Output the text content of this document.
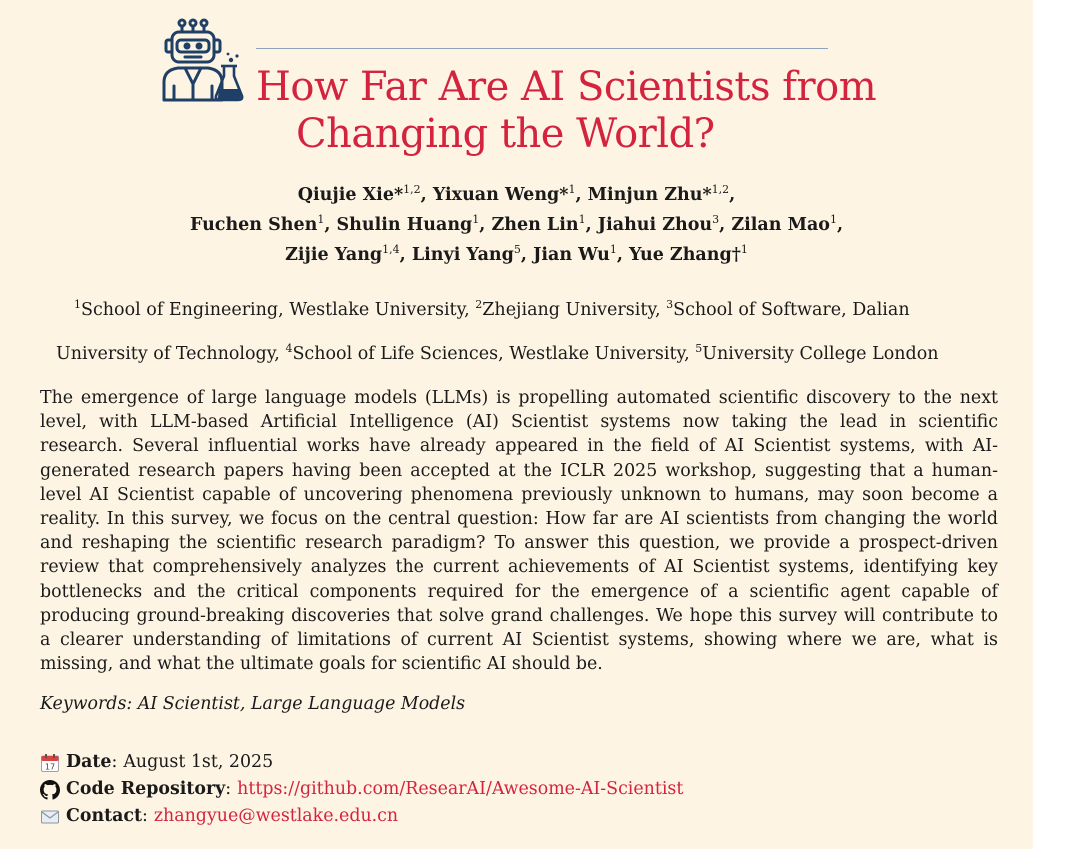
How Far Are AI Scientists from
Changing the World?
Qiujie Xie*$^{1,2}$, Yixuan Weng*$^1$, Minjun Zhu*$^{1,2}$,
Fuchen Shen$^1$, Shulin Huang$^1$, Zhen Lin$^1$, Jiahui Zhou$^3$, Zilan Mao$^1$,
Zijie Yang$^{1,4}$, Linyi Yang$^5$, Jian Wu$^1$, Yue Zhang†$^1$
$^1$School of Engineering, Westlake University, $^2$Zhejiang University, $^3$School of Software, Dalian
University of Technology, $^4$School of Life Sciences, Westlake University, $^5$University College London
The emergence of large language models (LLMs) is propelling automated scientific discovery to the next level, with LLM-based Artificial Intelligence (AI) Scientist systems now taking the lead in scientific research. Several influential works have already appeared in the field of AI Scientist systems, with AI-generated research papers having been accepted at the ICLR 2025 workshop, suggesting that a human-level AI Scientist capable of uncovering phenomena previously unknown to humans, may soon become a reality. In this survey, we focus on the central question: How far are AI scientists from changing the world and reshaping the scientific research paradigm? To answer this question, we provide a prospect-driven review that comprehensively analyzes the current achievements of AI Scientist systems, identifying key bottlenecks and the critical components required for the emergence of a scientific agent capable of producing ground-breaking discoveries that solve grand challenges. We hope this survey will contribute to a clearer understanding of limitations of current AI Scientist systems, showing where we are, what is missing, and what the ultimate goals for scientific AI should be.
Keywords: AI Scientist, Large Language Models
17 Date : August 1st, 2025
Code Repository : https://github.com/ResearAI/Awesome-AI-Scientist
Contact : zhangyue@westlake.edu.cn
